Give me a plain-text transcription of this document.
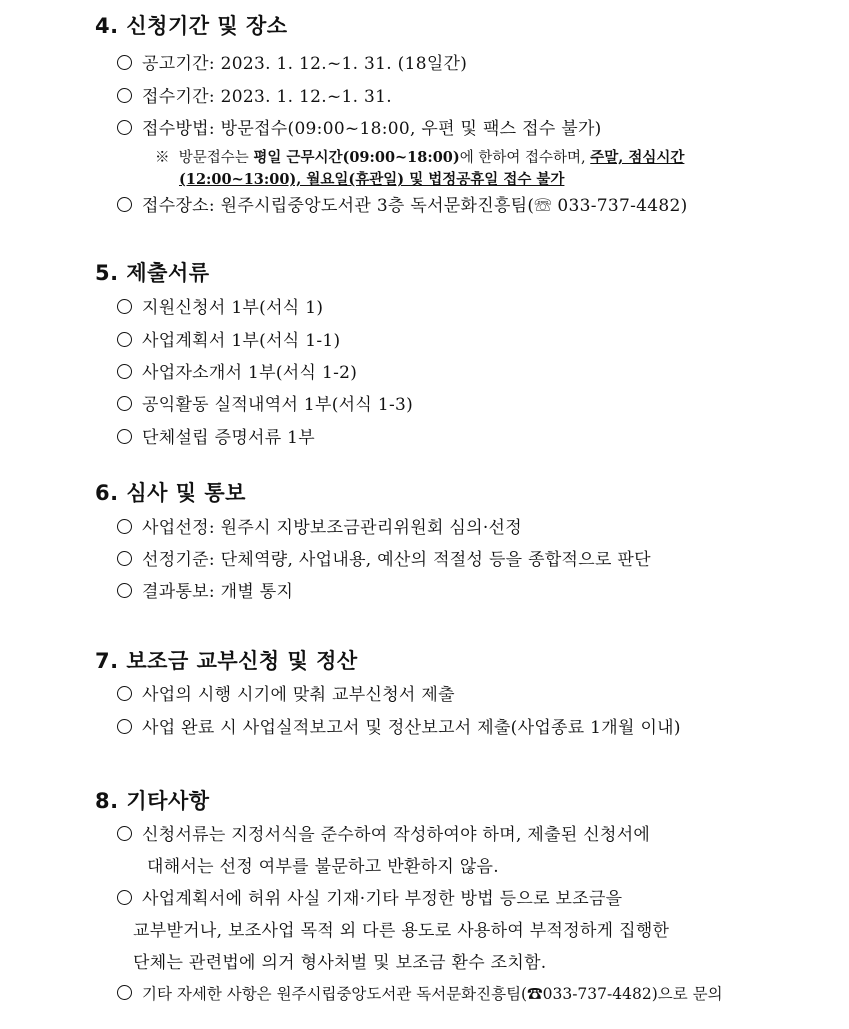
4. 신청기간 및 장소
공고기간: 2023. 1. 12.~1. 31. (18일간)
접수기간: 2023. 1. 12.~1. 31.
접수방법: 방문접수(09:00~18:00, 우편 및 팩스 접수 불가)
※ 방문접수는 평일 근무시간(09:00~18:00)에 한하여 접수하며, 주말, 점심시간
(12:00~13:00), 월요일(휴관일) 및 법정공휴일 접수 불가
접수장소: 원주시립중앙도서관 3층 독서문화진흥팀(☏ 033-737-4482)
5. 제출서류
지원신청서 1부(서식 1)
사업계획서 1부(서식 1-1)
사업자소개서 1부(서식 1-2)
공익활동 실적내역서 1부(서식 1-3)
단체설립 증명서류 1부
6. 심사 및 통보
사업선정: 원주시 지방보조금관리위원회 심의·선정
선정기준: 단체역량, 사업내용, 예산의 적절성 등을 종합적으로 판단
결과통보: 개별 통지
7. 보조금 교부신청 및 정산
사업의 시행 시기에 맞춰 교부신청서 제출
사업 완료 시 사업실적보고서 및 정산보고서 제출(사업종료 1개월 이내)
8. 기타사항
신청서류는 지정서식을 준수하여 작성하여야 하며, 제출된 신청서에
대해서는 선정 여부를 불문하고 반환하지 않음.
사업계획서에 허위 사실 기재·기타 부정한 방법 등으로 보조금을
교부받거나, 보조사업 목적 외 다른 용도로 사용하여 부적정하게 집행한
단체는 관련법에 의거 형사처벌 및 보조금 환수 조치함.
기타 자세한 사항은 원주시립중앙도서관 독서문화진흥팀(☎033-737-4482)으로 문의
